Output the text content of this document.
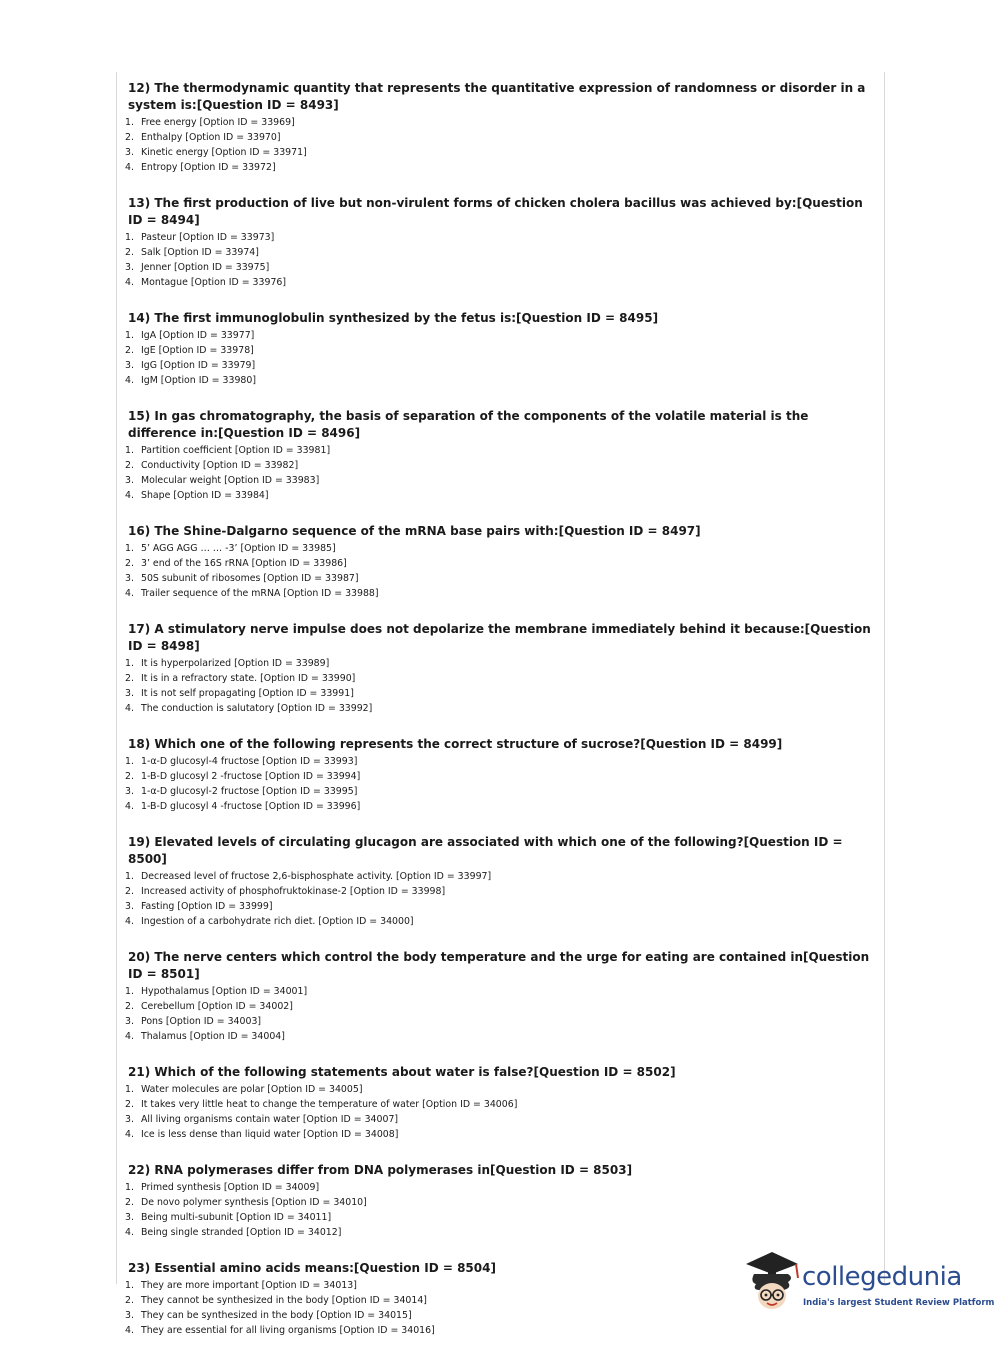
12) The thermodynamic quantity that represents the quantitative expression of randomness or disorder in a system is:[Question ID = 8493]
1. Free energy [Option ID = 33969]
2. Enthalpy [Option ID = 33970]
3. Kinetic energy [Option ID = 33971]
4. Entropy [Option ID = 33972]
13) The first production of live but non-virulent forms of chicken cholera bacillus was achieved by:[Question ID = 8494]
1. Pasteur [Option ID = 33973]
2. Salk [Option ID = 33974]
3. Jenner [Option ID = 33975]
4. Montague [Option ID = 33976]
14) The first immunoglobulin synthesized by the fetus is:[Question ID = 8495]
1. IgA [Option ID = 33977]
2. IgE [Option ID = 33978]
3. IgG [Option ID = 33979]
4. IgM [Option ID = 33980]
15) In gas chromatography, the basis of separation of the components of the volatile material is the difference in:[Question ID = 8496]
1. Partition coefficient [Option ID = 33981]
2. Conductivity [Option ID = 33982]
3. Molecular weight [Option ID = 33983]
4. Shape [Option ID = 33984]
16) The Shine-Dalgarno sequence of the mRNA base pairs with:[Question ID = 8497]
1. 5’ AGG AGG … … -3’ [Option ID = 33985]
2. 3’ end of the 16S rRNA [Option ID = 33986]
3. 50S subunit of ribosomes [Option ID = 33987]
4. Trailer sequence of the mRNA [Option ID = 33988]
17) A stimulatory nerve impulse does not depolarize the membrane immediately behind it because:[Question ID = 8498]
1. It is hyperpolarized [Option ID = 33989]
2. It is in a refractory state. [Option ID = 33990]
3. It is not self propagating [Option ID = 33991]
4. The conduction is salutatory [Option ID = 33992]
18) Which one of the following represents the correct structure of sucrose?[Question ID = 8499]
1. 1-α-D glucosyl-4 fructose [Option ID = 33993]
2. 1-B-D glucosyl 2 -fructose [Option ID = 33994]
3. 1-α-D glucosyl-2 fructose [Option ID = 33995]
4. 1-B-D glucosyl 4 -fructose [Option ID = 33996]
19) Elevated levels of circulating glucagon are associated with which one of the following?[Question ID = 8500]
1. Decreased level of fructose 2,6-bisphosphate activity. [Option ID = 33997]
2. Increased activity of phosphofruktokinase-2 [Option ID = 33998]
3. Fasting [Option ID = 33999]
4. Ingestion of a carbohydrate rich diet. [Option ID = 34000]
20) The nerve centers which control the body temperature and the urge for eating are contained in[Question ID = 8501]
1. Hypothalamus [Option ID = 34001]
2. Cerebellum [Option ID = 34002]
3. Pons [Option ID = 34003]
4. Thalamus [Option ID = 34004]
21) Which of the following statements about water is false?[Question ID = 8502]
1. Water molecules are polar [Option ID = 34005]
2. It takes very little heat to change the temperature of water [Option ID = 34006]
3. All living organisms contain water [Option ID = 34007]
4. Ice is less dense than liquid water [Option ID = 34008]
22) RNA polymerases differ from DNA polymerases in[Question ID = 8503]
1. Primed synthesis [Option ID = 34009]
2. De novo polymer synthesis [Option ID = 34010]
3. Being multi-subunit [Option ID = 34011]
4. Being single stranded [Option ID = 34012]
23) Essential amino acids means:[Question ID = 8504]
1. They are more important [Option ID = 34013]
2. They cannot be synthesized in the body [Option ID = 34014]
3. They can be synthesized in the body [Option ID = 34015]
4. They are essential for all living organisms [Option ID = 34016]
collegedunia
India's largest Student Review Platform
